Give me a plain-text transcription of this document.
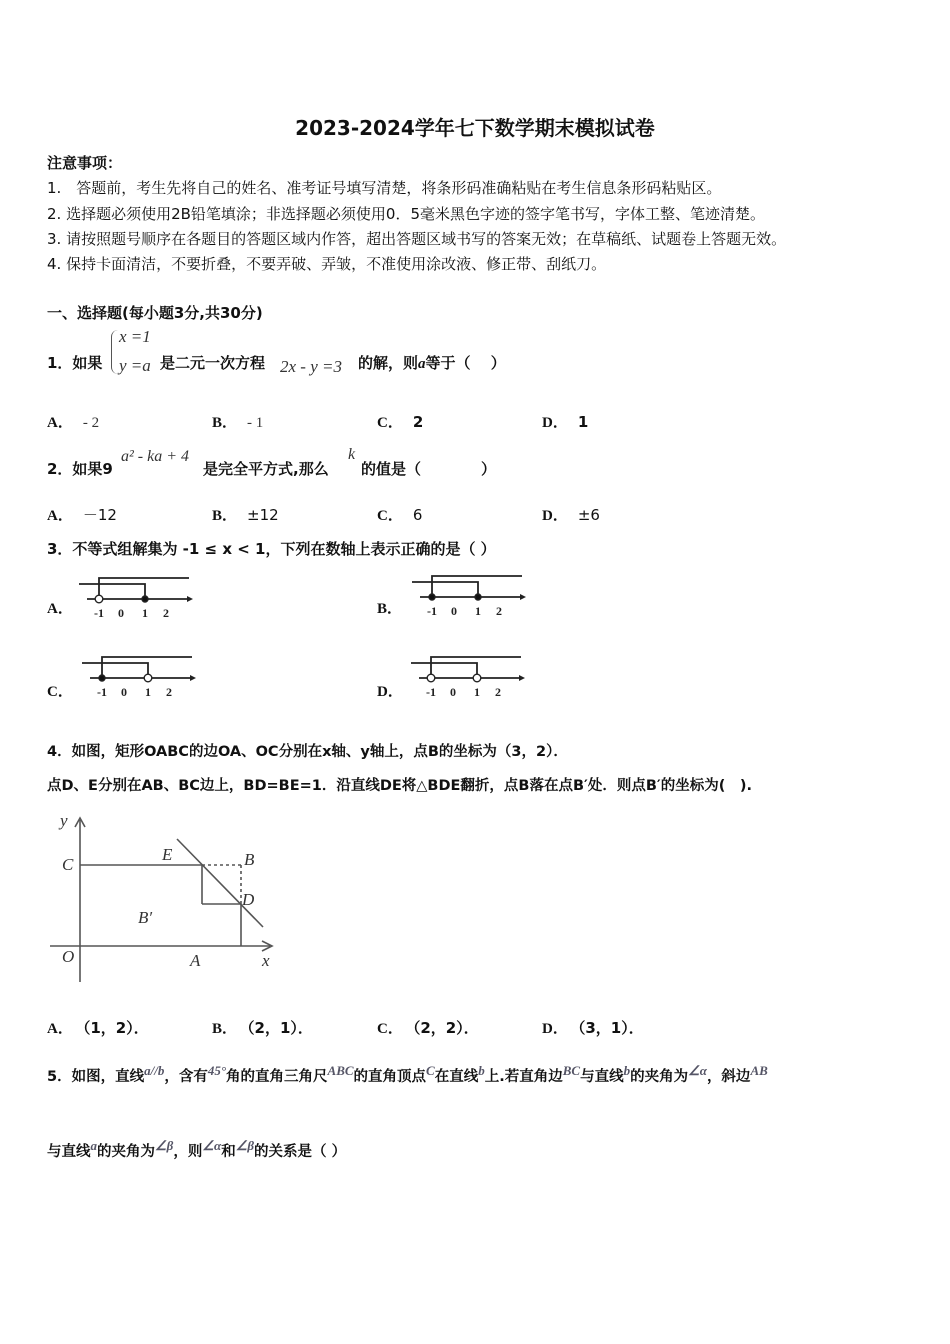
2023-2024学年七下数学期末模拟试卷
注意事项：
1.　答题前，考生先将自己的姓名、准考证号填写清楚，将条形码准确粘贴在考生信息条形码粘贴区。
2. 选择题必须使用2B铅笔填涂；非选择题必须使用0．5毫米黑色字迹的签字笔书写，字体工整、笔迹清楚。
3. 请按照题号顺序在各题目的答题区域内作答，超出答题区域书写的答案无效；在草稿纸、试题卷上答题无效。
4. 保持卡面清洁，不要折叠，不要弄破、弄皱，不准使用涂改液、修正带、刮纸刀。
一、选择题(每小题3分,共30分)
1．如果
x =1
y =a 是二元一次方程 2x - y =3 的解，则a等于（　 ）
A． - 2	B． - 1	C． 2	D． 1
2．如果9
a² - ka + 4
是完全平方式,那么
k
的值是（　　　　）
A． －12	B． ±12	C． 6	D． ±6
3．不等式组解集为 -1 ≤ x < 1，下列在数轴上表示正确的是（ ）
A．	B．
C．	D．
-1 0 1 2	-1 0 1 2
-1 0 1 2	-1 0 1 2
4．如图，矩形OABC的边OA、OC分别在x轴、y轴上，点B的坐标为（3，2）．
点D、E分别在AB、BC边上，BD=BE=1．沿直线DE将△BDE翻折，点B落在点B′处．则点B′的坐标为(　).
y
C
E	B
D
B′
O	A	x
A． （1，2）．	B． （2，1）．	C． （2，2）．	D． （3，1）．
5．如图，直线a//b，含有45°角的直角三角尺ABC的直角顶点C在直线b上.若直角边BC与直线b的夹角为∠α，斜边AB
与直线a的夹角为∠β，则∠α和∠β的关系是（ ）
